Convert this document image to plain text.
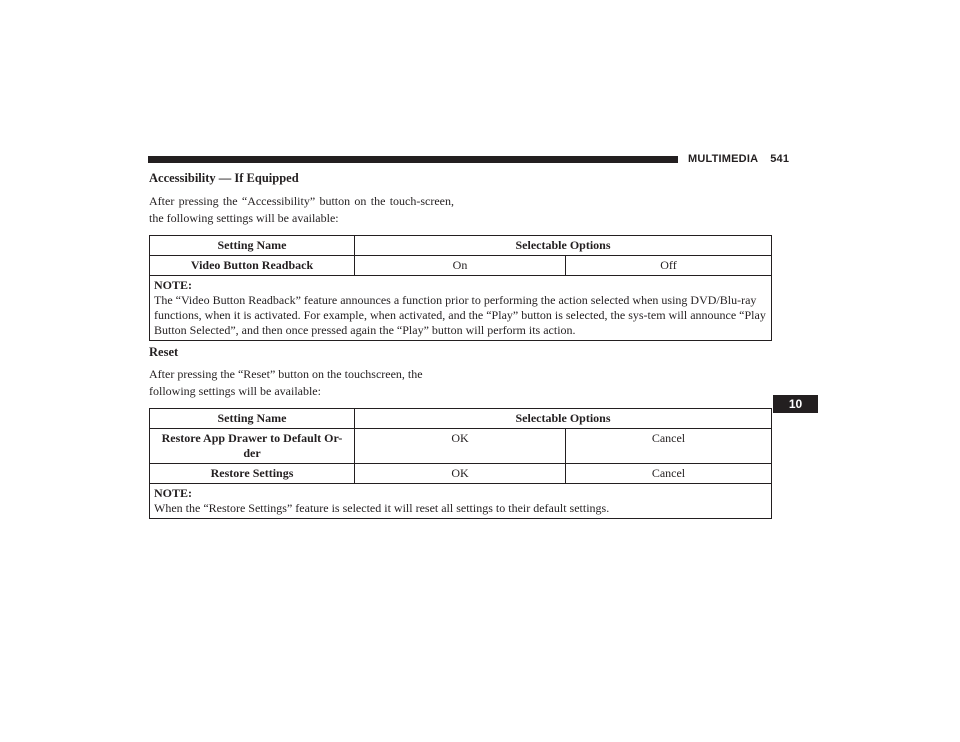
MULTIMEDIA 541
10
Accessibility — If Equipped
After pressing the “Accessibility” button on the touch-screen, the following settings will be available:
Setting Name	Selectable Options	
Video Button Readback	On	Off

NOTE:
The “Video Button Readback” feature announces a function prior to performing the action selected when using DVD/Blu-ray functions, when it is activated. For example, when activated, and the “Play” button is selected, the sys-tem will announce “Play Button Selected”, and then once pressed again the “Play” button will perform its action.		
Reset
After pressing the “Reset” button on the touchscreen, the following settings will be available:
Setting Name	Selectable Options	
Restore App Drawer to Default Or-der	OK	Cancel
Restore Settings	OK	Cancel

NOTE:
When the “Restore Settings” feature is selected it will reset all settings to their default settings.		
